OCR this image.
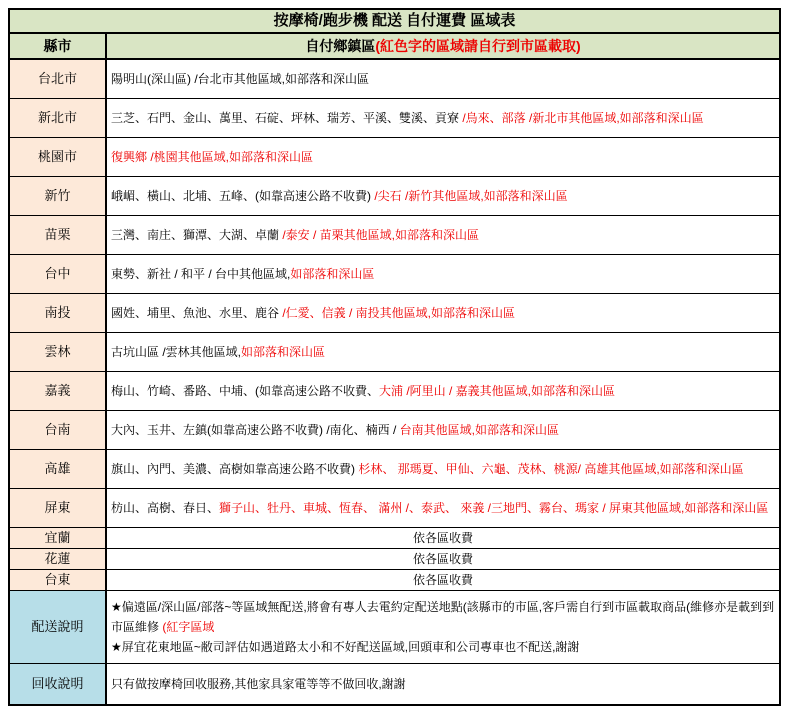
按摩椅/跑步機 配送 自付運費 區域表	
縣市	自付鄉鎮區(紅色字的區域請自行到市區載取)
台北市	陽明山(深山區) /台北市其他區域,如部落和深山區
新北市	三芝、石門、金山、萬里、石碇、坪林、瑞芳、平溪、雙溪、貢寮 /烏來、部落 /新北市其他區域,如部落和深山區
桃園市	復興鄉 /桃園其他區域,如部落和深山區
新竹	峨嵋、橫山、北埔、五峰、(如靠高速公路不收費) /尖石 /新竹其他區域,如部落和深山區
苗栗	三灣、南庄、獅潭、大湖、卓蘭 /泰安 / 苗栗其他區域,如部落和深山區
台中	東勢、新社 / 和平 / 台中其他區域,如部落和深山區
南投	國姓、埔里、魚池、水里、鹿谷 /仁愛、信義 / 南投其他區域,如部落和深山區
雲林	古坑山區 /雲林其他區域,如部落和深山區
嘉義	梅山、竹崎、番路、中埔、(如靠高速公路不收費、大浦 /阿里山 / 嘉義其他區域,如部落和深山區
台南	大內、玉井、左鎮(如靠高速公路不收費) /南化、楠西 / 台南其他區域,如部落和深山區
高雄	旗山、內門、美濃、高樹如靠高速公路不收費) 杉林、 那瑪夏、甲仙、六龜、茂林、桃源/ 高雄其他區域,如部落和深山區
屏東	枋山、高樹、春日、獅子山、牡丹、車城、恆春、 滿州 /、泰武、 來義 /三地門、霧台、瑪家 / 屏東其他區域,如部落和深山區
宜蘭	依各區收費
花蓮	依各區收費
台東	依各區收費
配送說明	★偏遠區/深山區/部落~等區域無配送,將會有專人去電約定配送地點(該縣市的市區,客戶需自行到市區載取商品(維修亦是載到到市區維修 (紅字區域
★屏宜花東地區~敝司評估如遇道路太小和不好配送區域,回頭車和公司專車也不配送,謝謝

回收說明	只有做按摩椅回收服務,其他家具家電等等不做回收,謝謝
